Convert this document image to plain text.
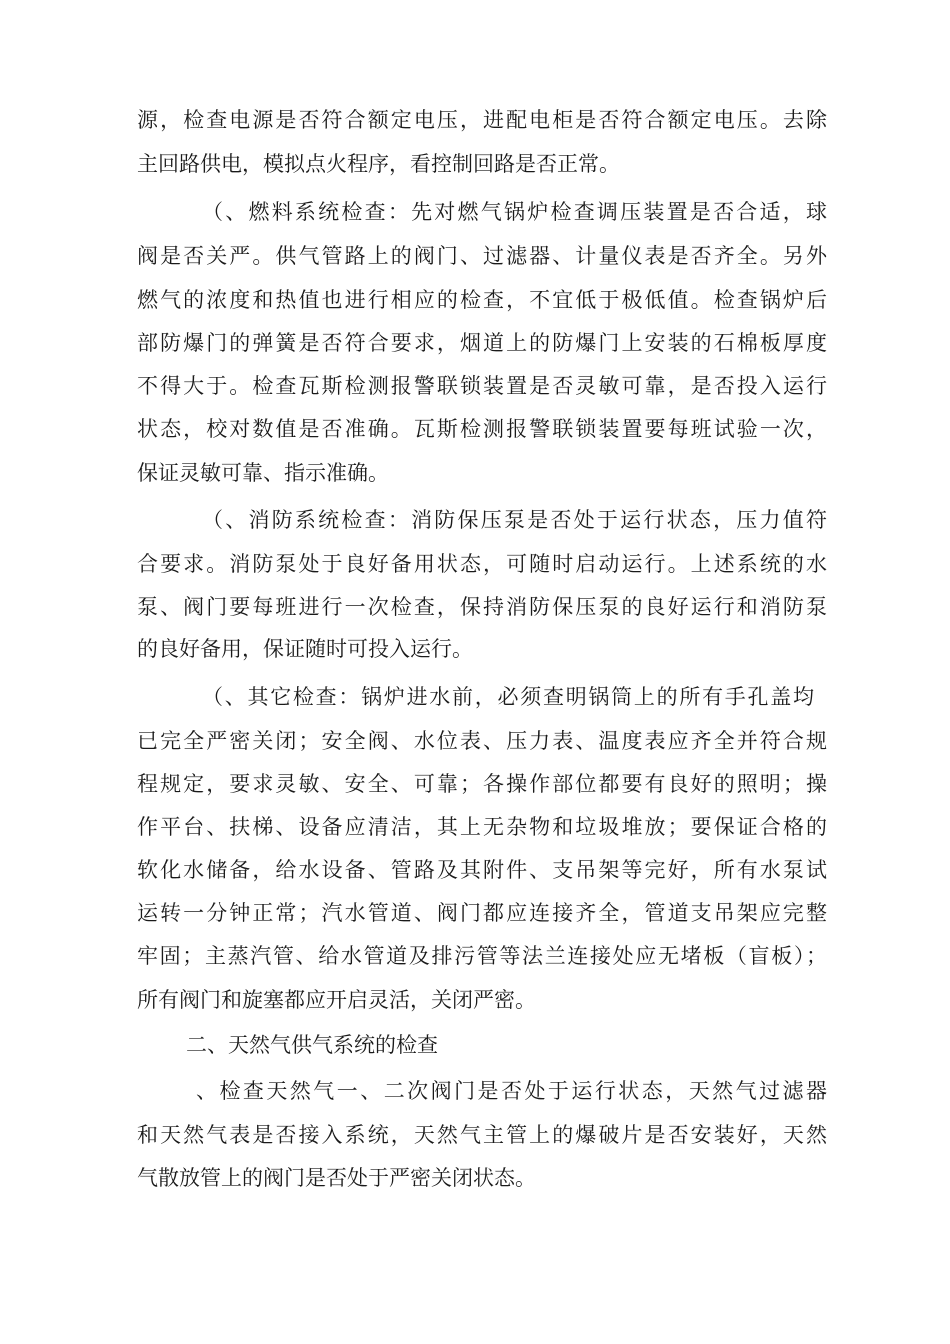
源，检查电源是否符合额定电压，进配电柜是否符合额定电压。去除
主回路供电，模拟点火程序，看控制回路是否正常。
（、燃料系统检查：先对燃气锅炉检查调压装置是否合适，球
阀是否关严。供气管路上的阀门、过滤器、计量仪表是否齐全。另外
燃气的浓度和热值也进行相应的检查，不宜低于极低值。检查锅炉后
部防爆门的弹簧是否符合要求，烟道上的防爆门上安装的石棉板厚度
不得大于。检查瓦斯检测报警联锁装置是否灵敏可靠，是否投入运行
状态，校对数值是否准确。瓦斯检测报警联锁装置要每班试验一次，
保证灵敏可靠、指示准确。
（、消防系统检查：消防保压泵是否处于运行状态，压力值符
合要求。消防泵处于良好备用状态，可随时启动运行。上述系统的水
泵、阀门要每班进行一次检查，保持消防保压泵的良好运行和消防泵
的良好备用，保证随时可投入运行。
（、其它检查：锅炉进水前，必须查明锅筒上的所有手孔盖均
已完全严密关闭；安全阀、水位表、压力表、温度表应齐全并符合规
程规定，要求灵敏、安全、可靠；各操作部位都要有良好的照明；操
作平台、扶梯、设备应清洁，其上无杂物和垃圾堆放；要保证合格的
软化水储备，给水设备、管路及其附件、支吊架等完好，所有水泵试
运转一分钟正常；汽水管道、阀门都应连接齐全，管道支吊架应完整
牢固；主蒸汽管、给水管道及排污管等法兰连接处应无堵板（盲板）；
所有阀门和旋塞都应开启灵活，关闭严密。
二、天然气供气系统的检查
、检查天然气一、二次阀门是否处于运行状态，天然气过滤器
和天然气表是否接入系统，天然气主管上的爆破片是否安装好，天然
气散放管上的阀门是否处于严密关闭状态。
